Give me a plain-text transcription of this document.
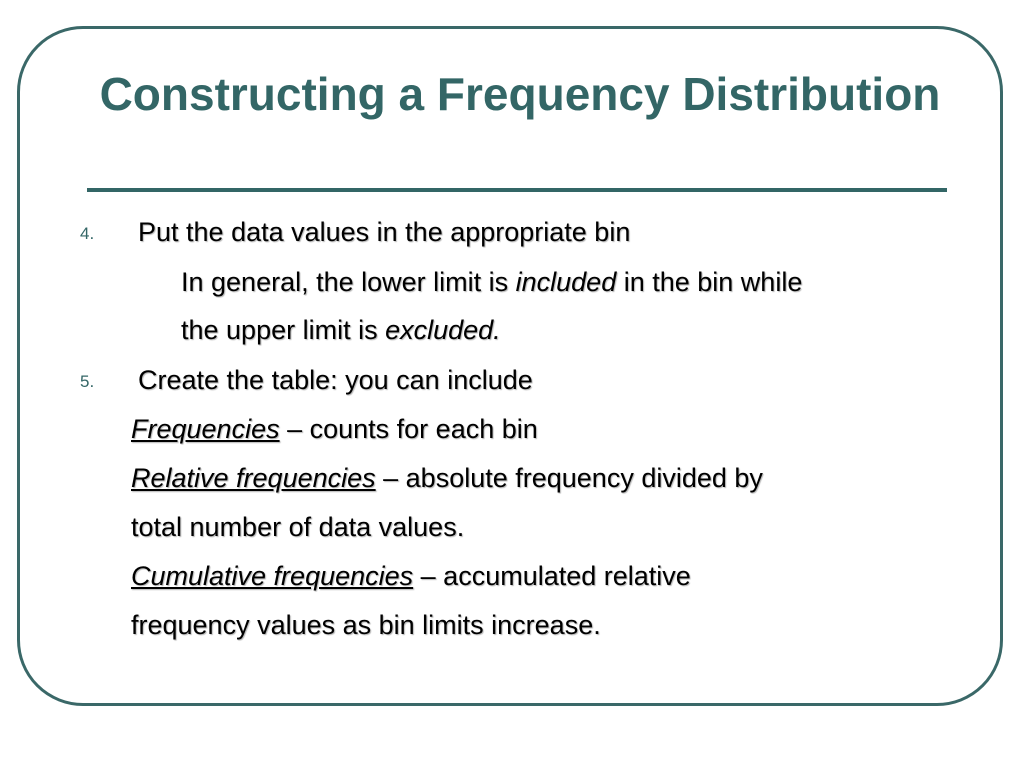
Constructing a Frequency Distribution
4. Put the data values in the appropriate bin
In general, the lower limit is included in the bin while
the upper limit is excluded.
5. Create the table: you can include
Frequencies – counts for each bin
Relative frequencies – absolute frequency divided by
total number of data values.
Cumulative frequencies – accumulated relative
frequency values as bin limits increase.
